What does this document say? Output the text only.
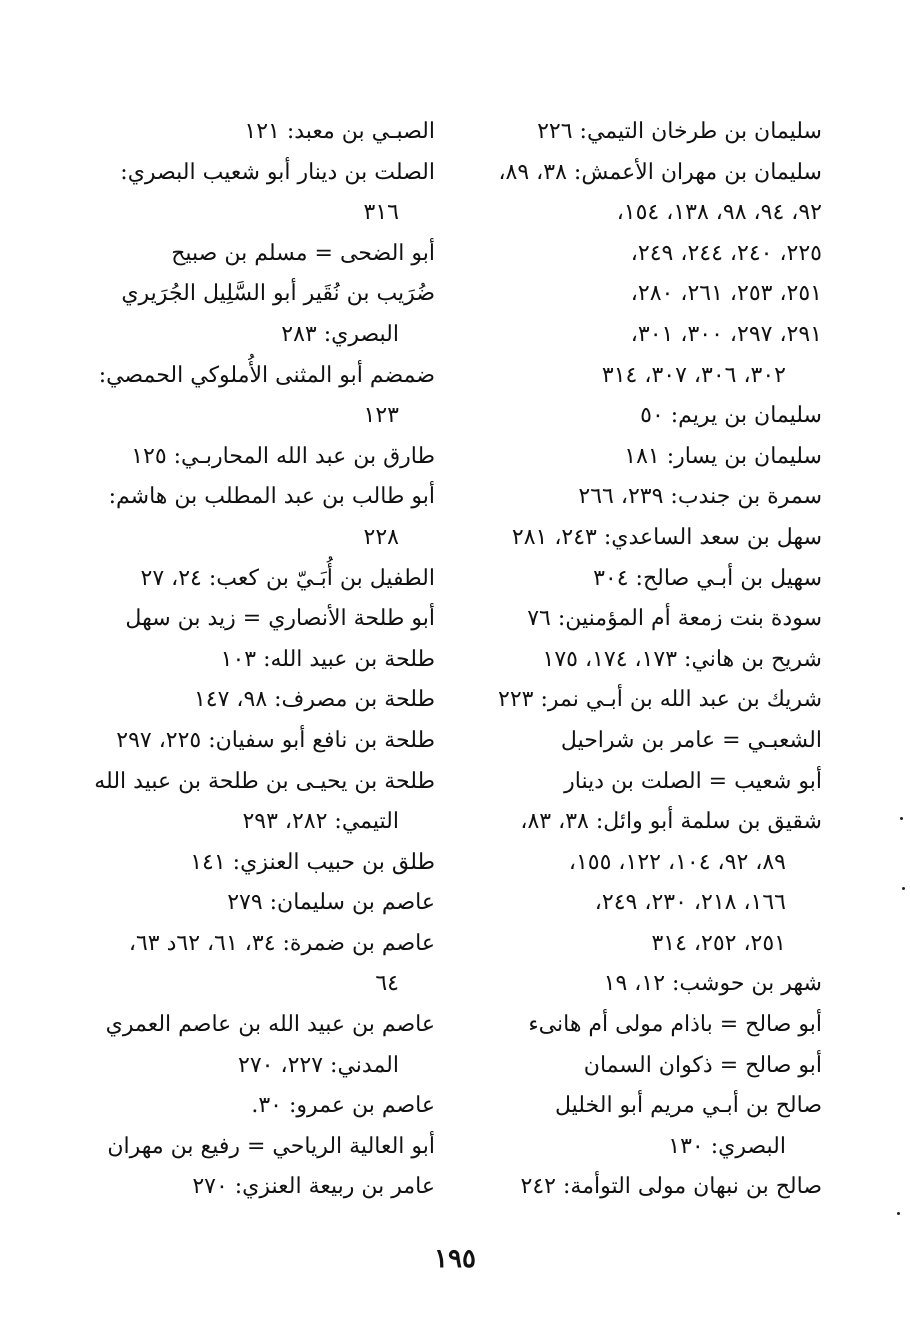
سليمان بن طرخان التيمي: ٢٢٦
سليمان بن مهران الأعمش: ٣٨، ٨٩،
٩٢، ٩٤، ٩٨، ١٣٨، ١٥٤،
٢٢٥، ٢٤٠، ٢٤٤، ٢٤٩،
٢٥١، ٢٥٣، ٢٦١، ٢٨٠،
٢٩١، ٢٩٧، ٣٠٠، ٣٠١،
٣٠٢، ٣٠٦، ٣٠٧، ٣١٤
سليمان بن يريم: ٥٠
سليمان بن يسار: ١٨١
سمرة بن جندب: ٢٣٩، ٢٦٦
سهل بن سعد الساعدي: ٢٤٣، ٢٨١
سهيل بن أبـي صالح: ٣٠٤
سودة بنت زمعة أم المؤمنين: ٧٦
شريح بن هاني: ١٧٣، ١٧٤، ١٧٥
شريك بن عبد الله بن أبـي نمر: ٢٢٣
الشعبـي = عامر بن شراحيل
أبو شعيب = الصلت بن دينار
شقيق بن سلمة أبو وائل: ٣٨، ٨٣،
٨٩، ٩٢، ١٠٤، ١٢٢، ١٥٥،
١٦٦، ٢١٨، ٢٣٠، ٢٤٩،
٢٥١، ٢٥٢، ٣١٤
شهر بن حوشب: ١٢، ١٩
أبو صالح = باذام مولى أم هانىء
أبو صالح = ذكوان السمان
صالح بن أبـي مريم أبو الخليل
البصري: ١٣٠
صالح بن نبهان مولى التوأمة: ٢٤٢
الصبـي بن معبد: ١٢١
الصلت بن دينار أبو شعيب البصري:
٣١٦
أبو الضحى = مسلم بن صبيح
ضُرَيب بن نُقَير أبو السَّلِيل الجُرَيري
البصري: ٢٨٣
ضمضم أبو المثنى الأُملوكي الحمصي:
١٢٣
طارق بن عبد الله المحاربـي: ١٢٥
أبو طالب بن عبد المطلب بن هاشم:
٢٢٨
الطفيل بن أُبَـيّ بن كعب: ٢٤، ٢٧
أبو طلحة الأنصاري = زيد بن سهل
طلحة بن عبيد الله: ١٠٣
طلحة بن مصرف: ٩٨، ١٤٧
طلحة بن نافع أبو سفيان: ٢٢٥، ٢٩٧
طلحة بن يحيـى بن طلحة بن عبيد الله
التيمي: ٢٨٢، ٢٩٣
طلق بن حبيب العنزي: ١٤١
عاصم بن سليمان: ٢٧٩
عاصم بن ضمرة: ٣٤، ٦١، ٦٢د ٦٣،
٦٤
عاصم بن عبيد الله بن عاصم العمري
المدني: ٢٢٧، ٢٧٠
عاصم بن عمرو: ٣٠.
أبو العالية الرياحي = رفيع بن مهران
عامر بن ربيعة العنزي: ٢٧٠
١٩٥
